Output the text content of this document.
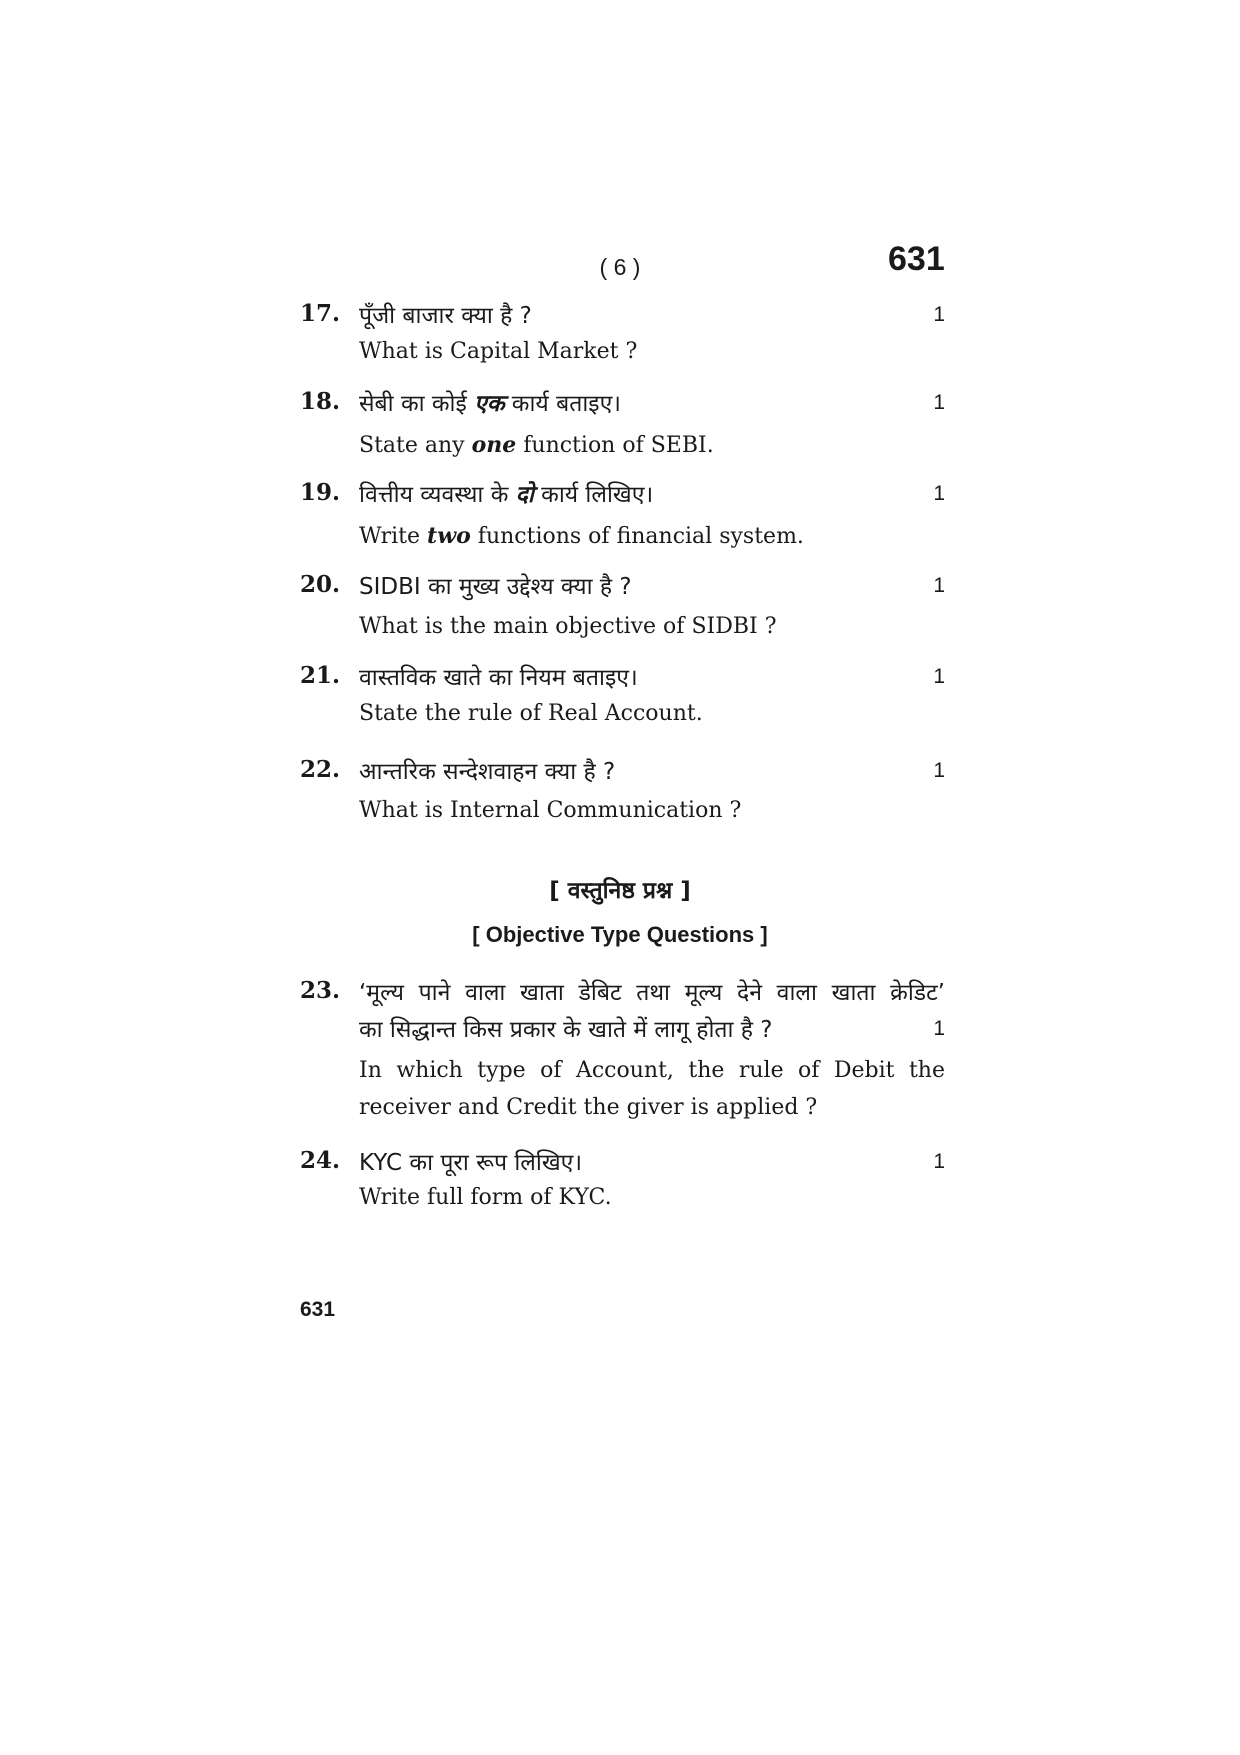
( 6 )	631
17. पूँजी बाजार क्या है ?	1
What is Capital Market ?
18. सेबी का कोई एक कार्य बताइए।	1
State any one function of SEBI.
19. वित्तीय व्यवस्था के दो कार्य लिखिए।	1
Write two functions of financial system.
20. SIDBI का मुख्य उद्देश्य क्या है ?	1
What is the main objective of SIDBI ?
21. वास्तविक खाते का नियम बताइए।	1
State the rule of Real Account.
22. आन्तरिक सन्देशवाहन क्या है ?	1
What is Internal Communication ?
[ वस्तुनिष्ठ प्रश्न ]
[ Objective Type Questions ]
23. ‘मूल्य पाने वाला खाता डेबिट तथा मूल्य देने वाला खाता क्रेडिट’
का सिद्धान्त किस प्रकार के खाते में लागू होता है ?	1
In which type of Account, the rule of Debit the
receiver and Credit the giver is applied ?
24. KYC का पूरा रूप लिखिए।	1
Write full form of KYC.
631
